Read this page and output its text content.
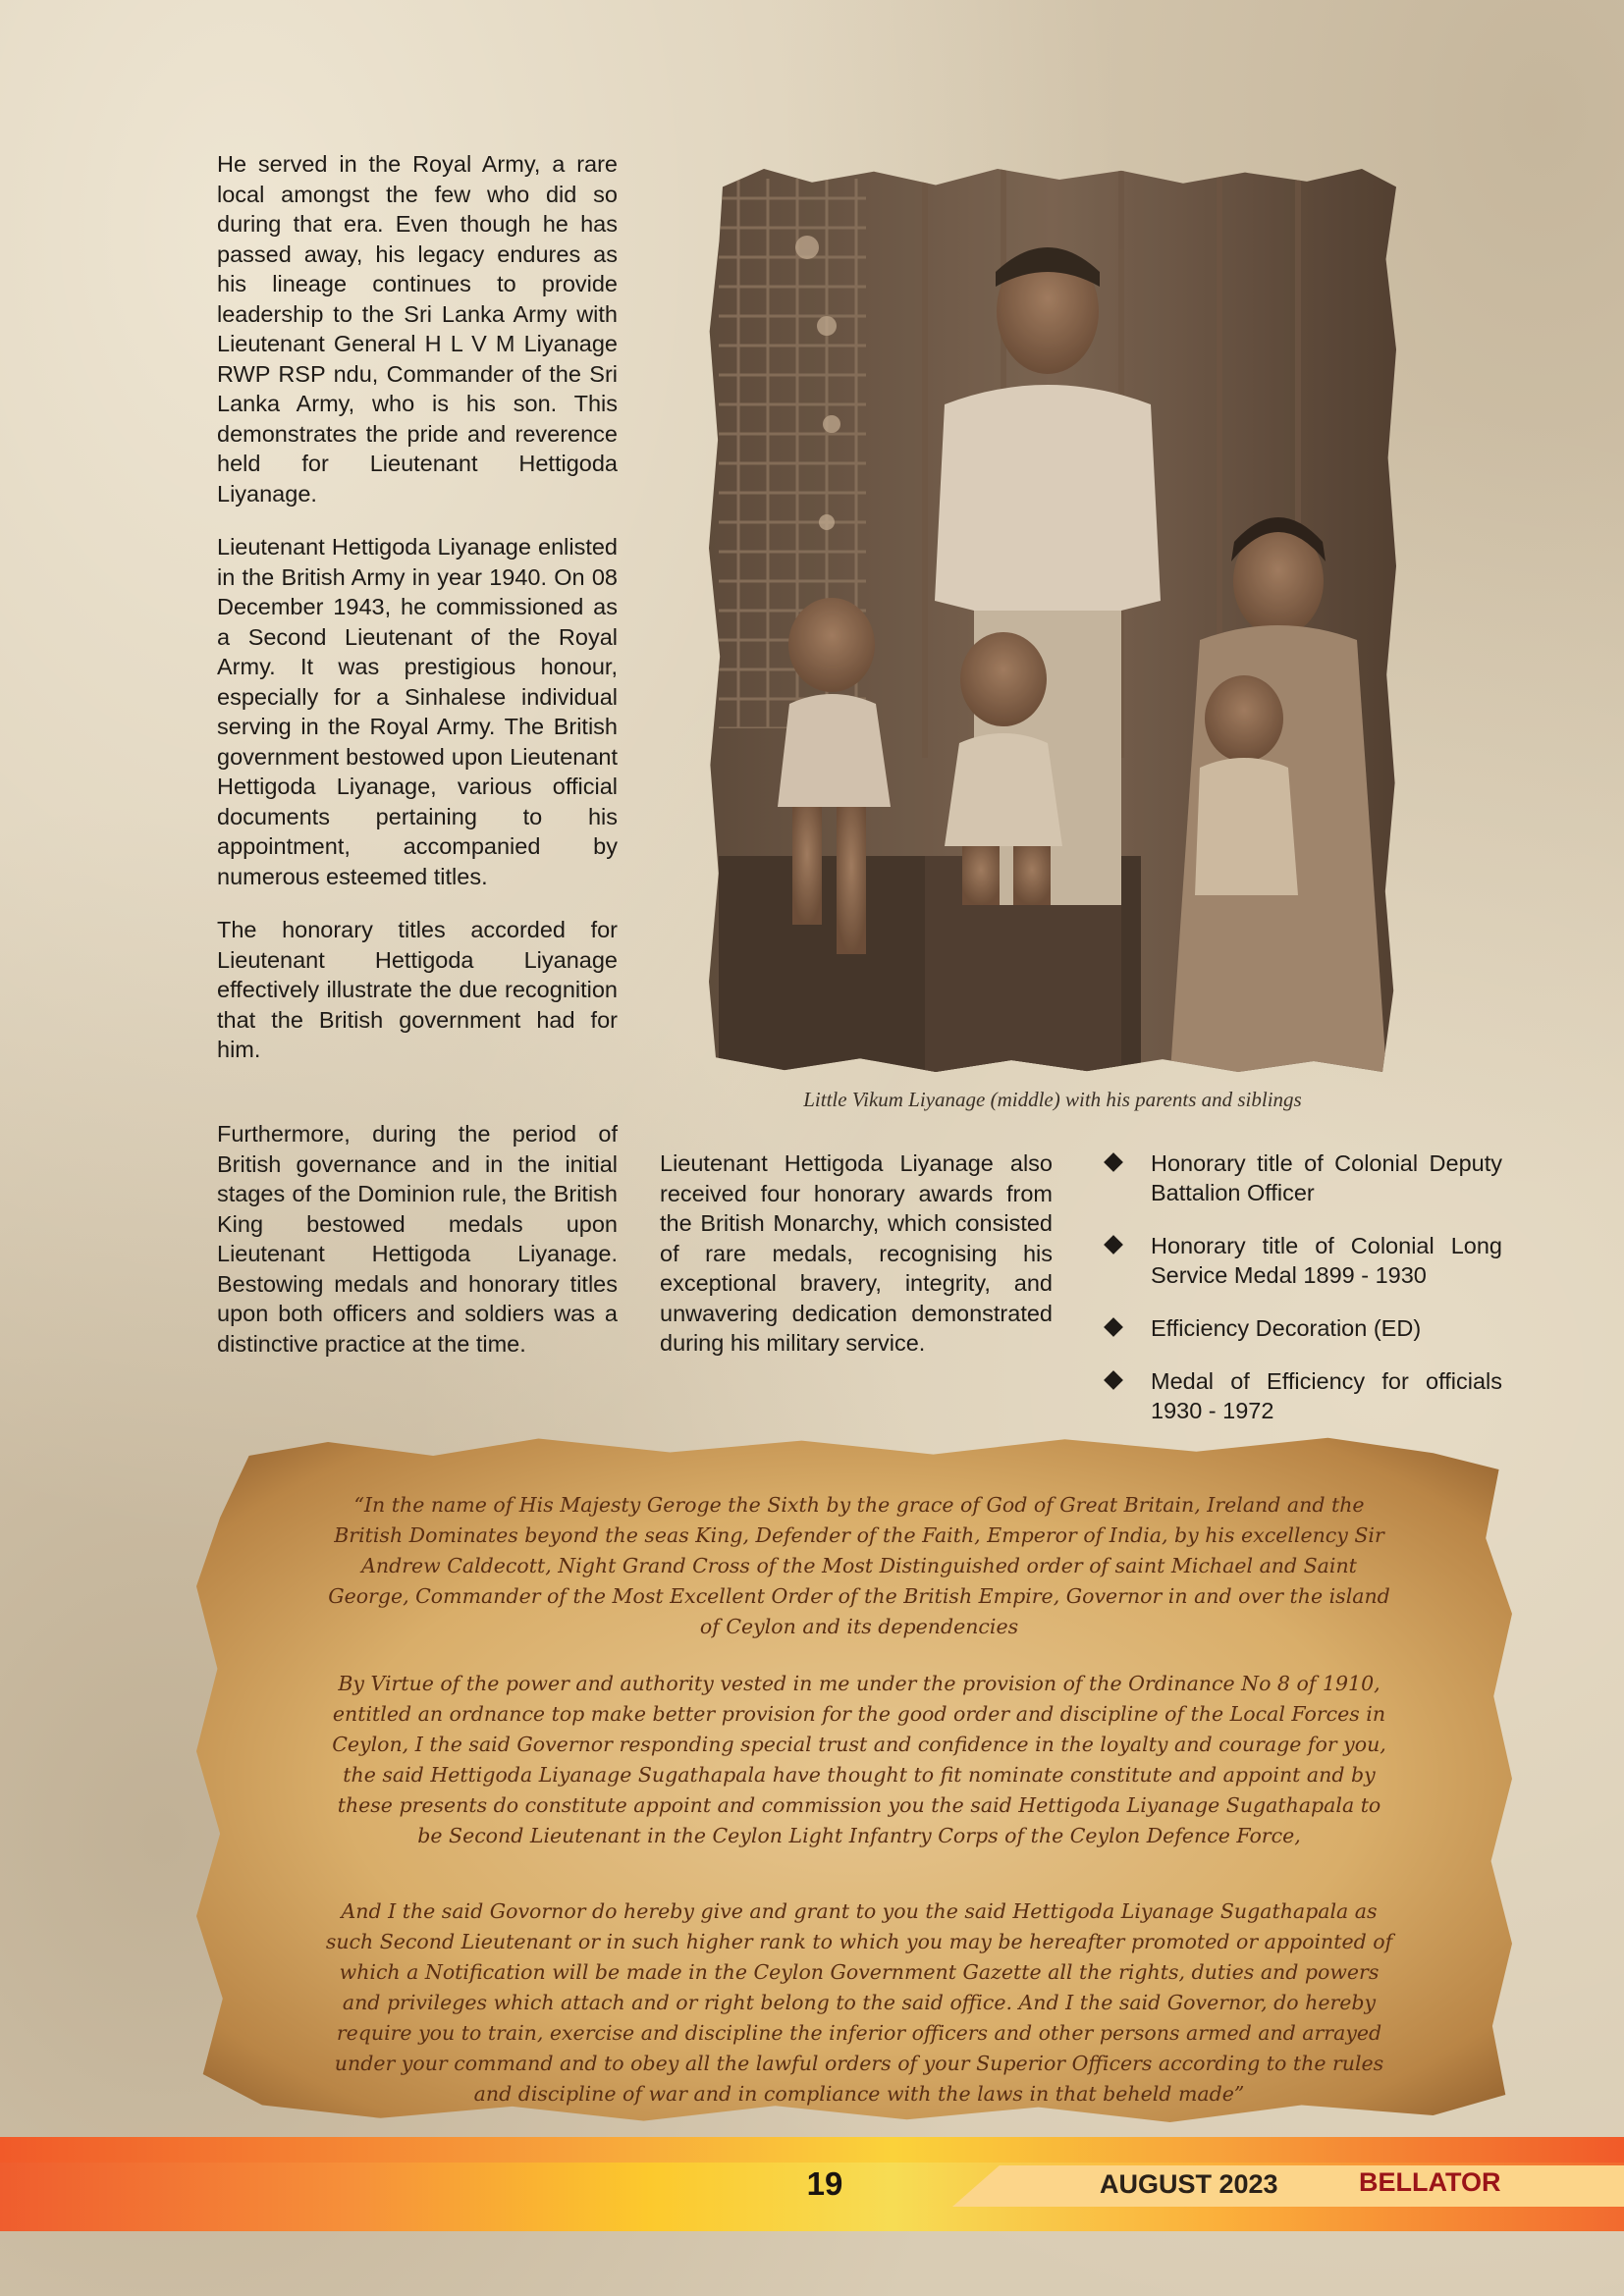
He served in the Royal Army, a rare local amongst the few who did so during that era. Even though he has passed away, his legacy endures as his lineage continues to provide leadership to the Sri Lanka Army with Lieutenant General H L V M Liyanage RWP RSP ndu, Commander of the Sri Lanka Army, who is his son. This demonstrates the pride and reverence held for Lieutenant Hettigoda Liyanage.

Lieutenant Hettigoda Liyanage enlisted in the British Army in year 1940. On 08 December 1943, he commissioned as a Second Lieutenant of the Royal Army. It was prestigious honour, especially for a Sinhalese individual serving in the Royal Army. The British government bestowed upon Lieutenant Hettigoda Liyanage, various official documents pertaining to his appointment, accompanied by numerous esteemed titles.

The honorary titles accorded for Lieutenant Hettigoda Liyanage effectively illustrate the due recognition that the British government had for him.

Furthermore, during the period of British governance and in the initial stages of the Dominion rule, the British King bestowed medals upon Lieutenant Hettigoda Liyanage. Bestowing medals and honorary titles upon both officers and soldiers was a distinctive practice at the time.

Lieutenant Hettigoda Liyanage also received four honorary awards from the British Monarchy, which consisted of rare medals, recognising his exceptional bravery, integrity, and unwavering dedication demonstrated during his military service.

Honorary title of Colonial Deputy Battalion Officer
Honorary title of Colonial Long Service Medal 1899 - 1930
Efficiency Decoration (ED)
Medal of Efficiency for officials 1930 - 1972
Little Vikum Liyanage (middle) with his parents and siblings

“In the name of His Majesty Geroge the Sixth by the grace of God of Great Britain, Ireland and the British Dominates beyond the seas King, Defender of the Faith, Emperor of India, by his excellency Sir Andrew Caldecott, Night Grand Cross of the Most Distinguished order of saint Michael and Saint George, Commander of the Most Excellent Order of the British Empire, Governor in and over the island of Ceylon and its dependencies

By Virtue of the power and authority vested in me under the provision of the Ordinance No 8 of 1910, entitled an ordnance top make better provision for the good order and discipline of the Local Forces in Ceylon, I the said Governor responding special trust and confidence in the loyalty and courage for you, the said Hettigoda Liyanage Sugathapala have thought to fit nominate constitute and appoint and by these presents do constitute appoint and commission you the said Hettigoda Liyanage Sugathapala to be Second Lieutenant in the Ceylon Light Infantry Corps of the Ceylon Defence Force,

And I the said Govornor do hereby give and grant to you the said Hettigoda Liyanage Sugathapala as such Second Lieutenant or in such higher rank to which you may be hereafter promoted or appointed of which a Notification will be made in the Ceylon Government Gazette all the rights, duties and powers and privileges which attach and or right belong to the said office. And I the said Governor, do hereby require you to train, exercise and discipline the inferior officers and other persons armed and arrayed under your command and to obey all the lawful orders of your Superior Officers according to the rules and discipline of war and in compliance with the laws in that beheld made”

19	AUGUST 2023	BELLATOR
